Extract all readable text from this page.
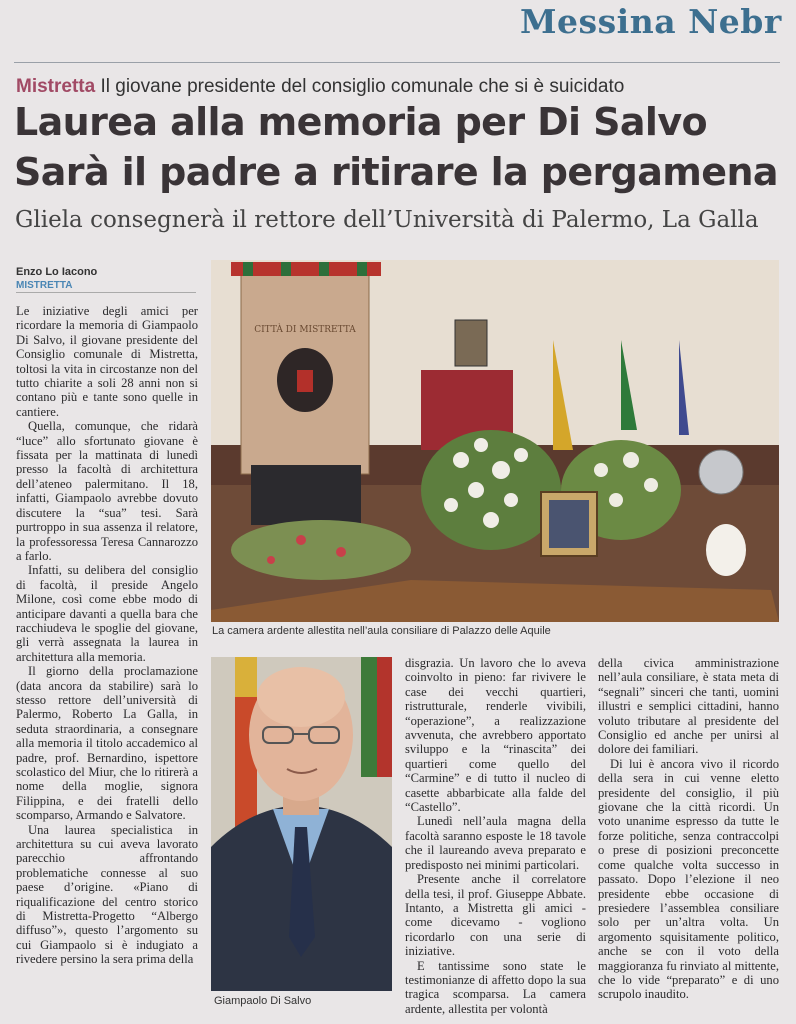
Messina Nebr
Mistretta Il giovane presidente del consiglio comunale che si è suicidato
Laurea alla memoria per Di Salvo
Sarà il padre a ritirare la pergamena
Gliela consegnerà il rettore dell’Università di Palermo, La Galla
Enzo Lo Iacono
MISTRETTA

Le iniziative degli amici per ricordare la memoria di Giampaolo Di Salvo, il giovane presidente del Consiglio comunale di Mistretta, toltosi la vita in circostanze non del tutto chiarite a soli 28 anni non si contano più e tante sono quelle in cantiere.

Quella, comunque, che ridarà “luce” allo sfortunato giovane è fissata per la mattinata di lunedì presso la facoltà di architettura dell’ateneo palermitano. Il 18, infatti, Giampaolo avrebbe dovuto discutere la “sua” tesi. Sarà purtroppo in sua assenza il relatore, la professoressa Teresa Cannarozzo a farlo.

Infatti, su delibera del consiglio di facoltà, il preside Angelo Milone, così come ebbe modo di anticipare davanti a quella bara che racchiudeva le spoglie del giovane, gli verrà assegnata la laurea in architettura alla memoria.

Il giorno della proclamazione (data ancora da stabilire) sarà lo stesso rettore dell’università di Palermo, Roberto La Galla, in seduta straordinaria, a consegnare alla memoria il titolo accademico al padre, prof. Bernardino, ispettore scolastico del Miur, che lo ritirerà a nome della moglie, signora Filippina, e dei fratelli dello scomparso, Armando e Salvatore.

Una laurea specialistica in architettura su cui aveva lavorato parecchio affrontando problematiche connesse al suo paese d’origine. «Piano di riqualificazione del centro storico di Mistretta-Progetto “Albergo diffuso”», questo l’argomento su cui Giampaolo si è indugiato a rivedere persino la sera prima della

CITTÀ DI MISTRETTA
La camera ardente allestita nell’aula consiliare di Palazzo delle Aquile
Giampaolo Di Salvo

disgrazia. Un lavoro che lo aveva coinvolto in pieno: far rivivere le case dei vecchi quartieri, ristrutturale, renderle vivibili, “operazione”, a realizzazione avvenuta, che avrebbero apportato sviluppo e la “rinascita” dei quartieri come quello del “Carmine” e di tutto il nucleo di casette abbarbicate alla falde del “Castello”.

Lunedì nell’aula magna della facoltà saranno esposte le 18 tavole che il laureando aveva preparato e predisposto nei minimi particolari.

Presente anche il correlatore della tesi, il prof. Giuseppe Abbate. Intanto, a Mistretta gli amici - come dicevamo - vogliono ricordarlo con una serie di iniziative.

E tantissime sono state le testimonianze di affetto dopo la sua tragica scomparsa. La camera ardente, allestita per volontà

della civica amministrazione nell’aula consiliare, è stata meta di “segnali” sinceri che tanti, uomini illustri e semplici cittadini, hanno voluto tributare al presidente del Consiglio ed anche per unirsi al dolore dei familiari.

Di lui è ancora vivo il ricordo della sera in cui venne eletto presidente del consiglio, il più giovane che la città ricordi. Un voto unanime espresso da tutte le forze politiche, senza contraccolpi o prese di posizioni preconcette come qualche volta successo in passato. Dopo l’elezione il neo presidente ebbe occasione di presiedere l’assemblea consiliare solo per un’altra volta. Un argomento squisitamente politico, anche se con il voto della maggioranza fu rinviato al mittente, che lo vide “preparato” e di uno scrupolo inaudito.
